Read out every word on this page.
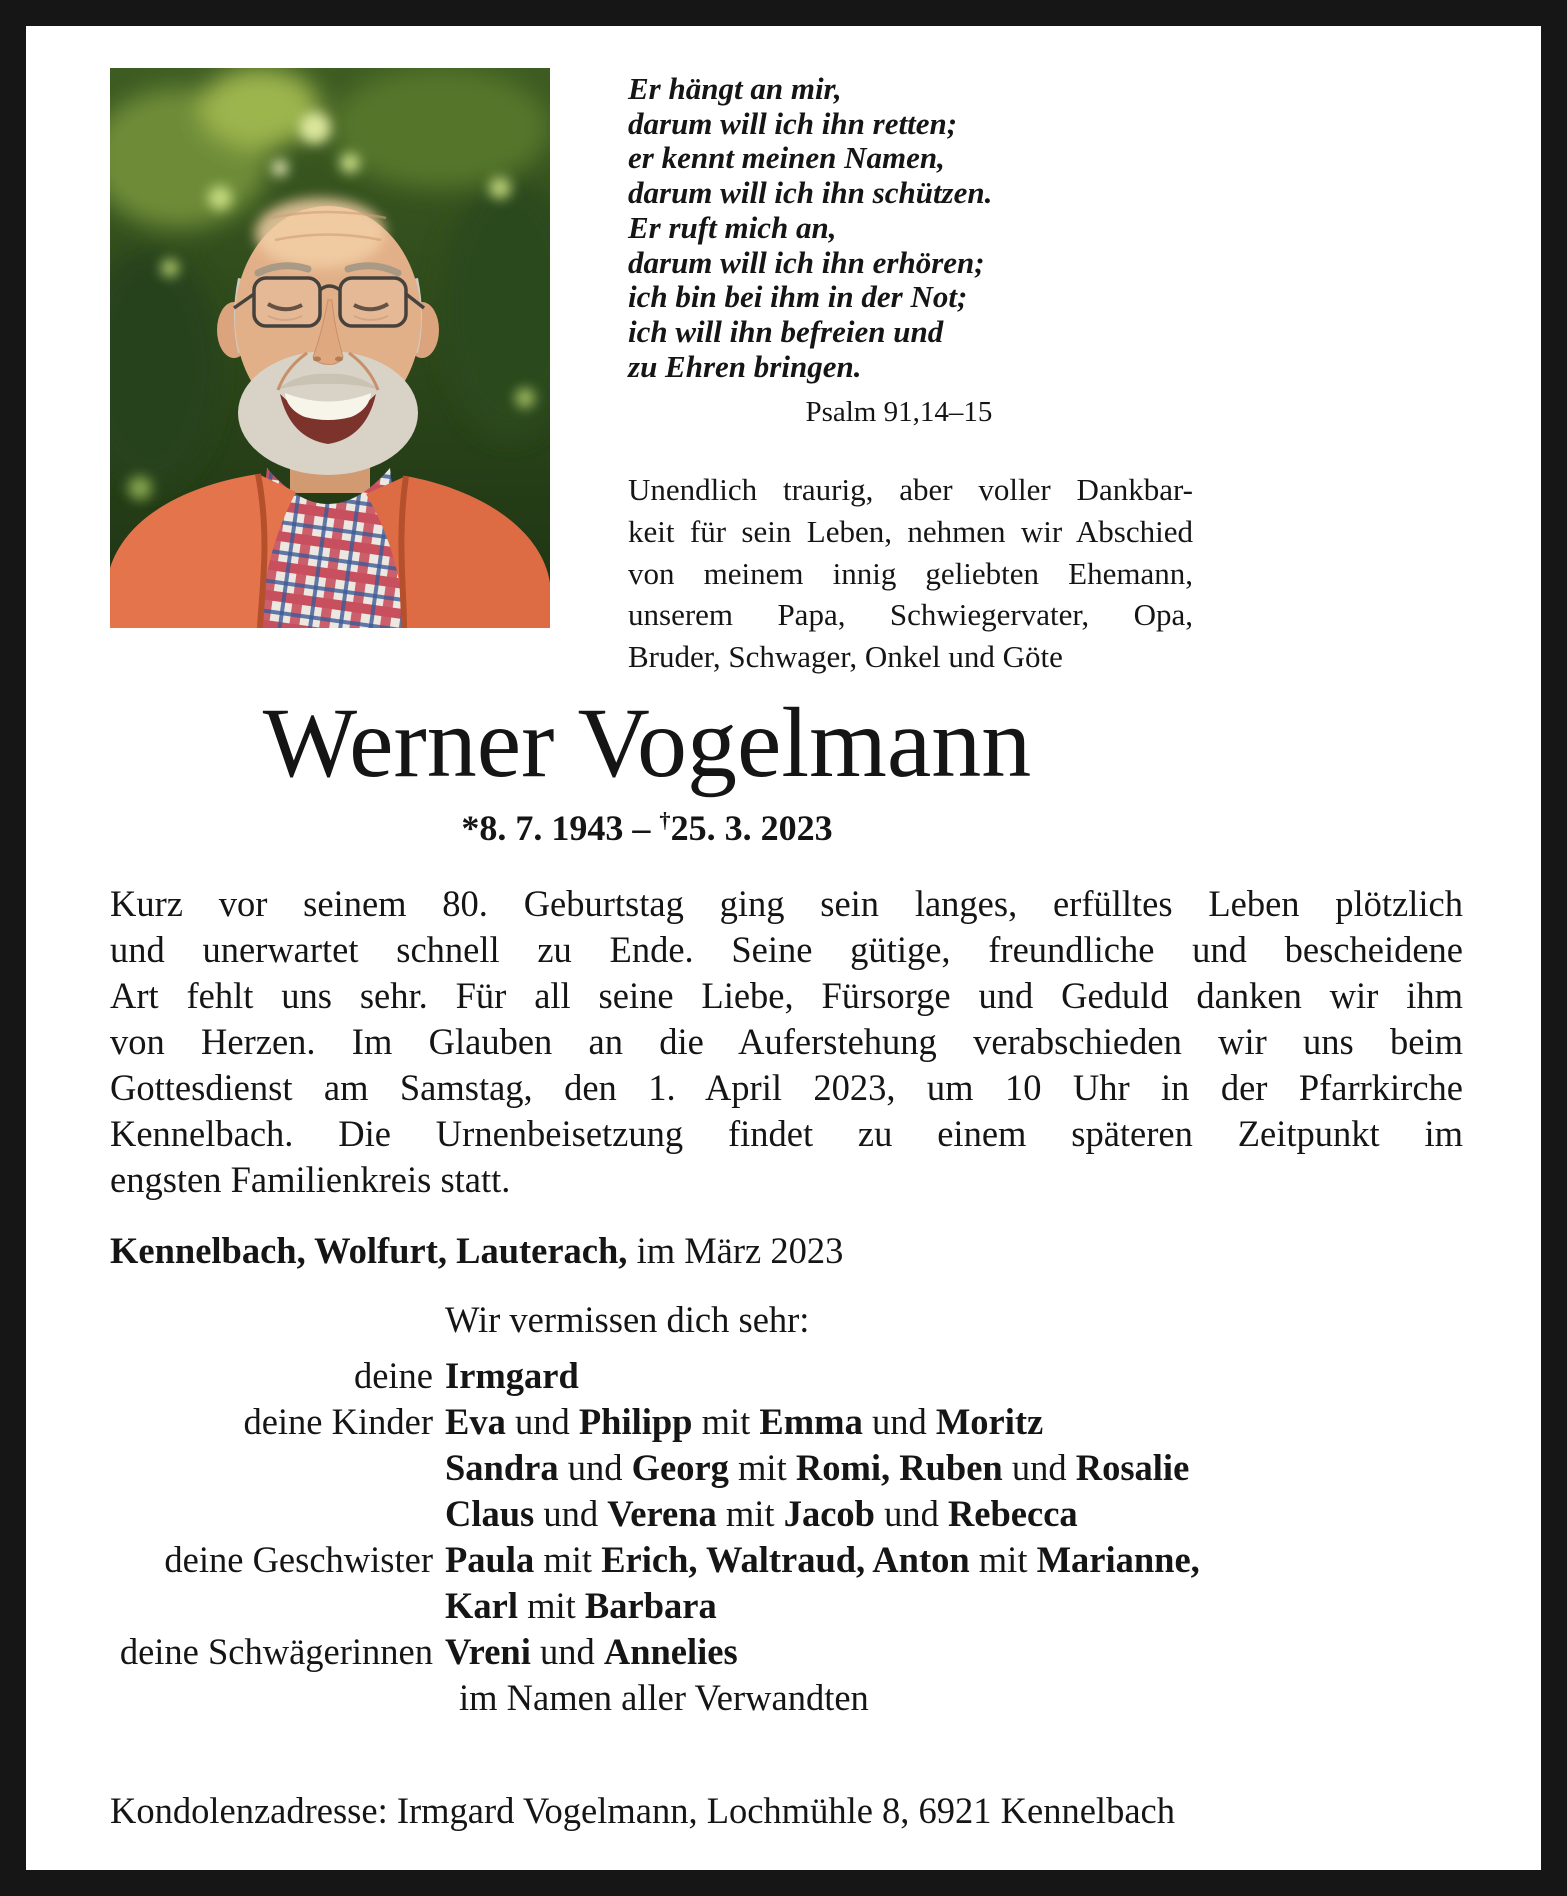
Er hängt an mir,
darum will ich ihn retten;
er kennt meinen Namen,
darum will ich ihn schützen.
Er ruft mich an,
darum will ich ihn erhören;
ich bin bei ihm in der Not;
ich will ihn befreien und
zu Ehren bringen.
Psalm 91,14–15
Unendlich traurig, aber voller Dankbar-
keit für sein Leben, nehmen wir Abschied
von meinem innig geliebten Ehemann,
unserem Papa, Schwiegervater, Opa,
Bruder, Schwager, Onkel und Göte
Werner Vogelmann
*8. 7. 1943 – †25. 3. 2023
Kurz vor seinem 80. Geburtstag ging sein langes, erfülltes Leben plötzlich
und unerwartet schnell zu Ende. Seine gütige, freundliche und bescheidene
Art fehlt uns sehr. Für all seine Liebe, Fürsorge und Geduld danken wir ihm
von Herzen. Im Glauben an die Auferstehung verabschieden wir uns beim
Gottesdienst am Samstag, den 1. April 2023, um 10 Uhr in der Pfarrkirche
Kennelbach. Die Urnenbeisetzung findet zu einem späteren Zeitpunkt im
engsten Familienkreis statt.

Kennelbach, Wolfurt, Lauterach, im März 2023

Wir vermissen dich sehr:

deine Irmgard
deine Kinder Eva und Philipp mit Emma und Moritz
Sandra und Georg mit Romi, Ruben und Rosalie
Claus und Verena mit Jacob und Rebecca
deine Geschwister Paula mit Erich, Waltraud, Anton mit Marianne,
Karl mit Barbara
deine Schwägerinnen Vreni und Annelies
im Namen aller Verwandten

Kondolenzadresse: Irmgard Vogelmann, Lochmühle 8, 6921 Kennelbach
